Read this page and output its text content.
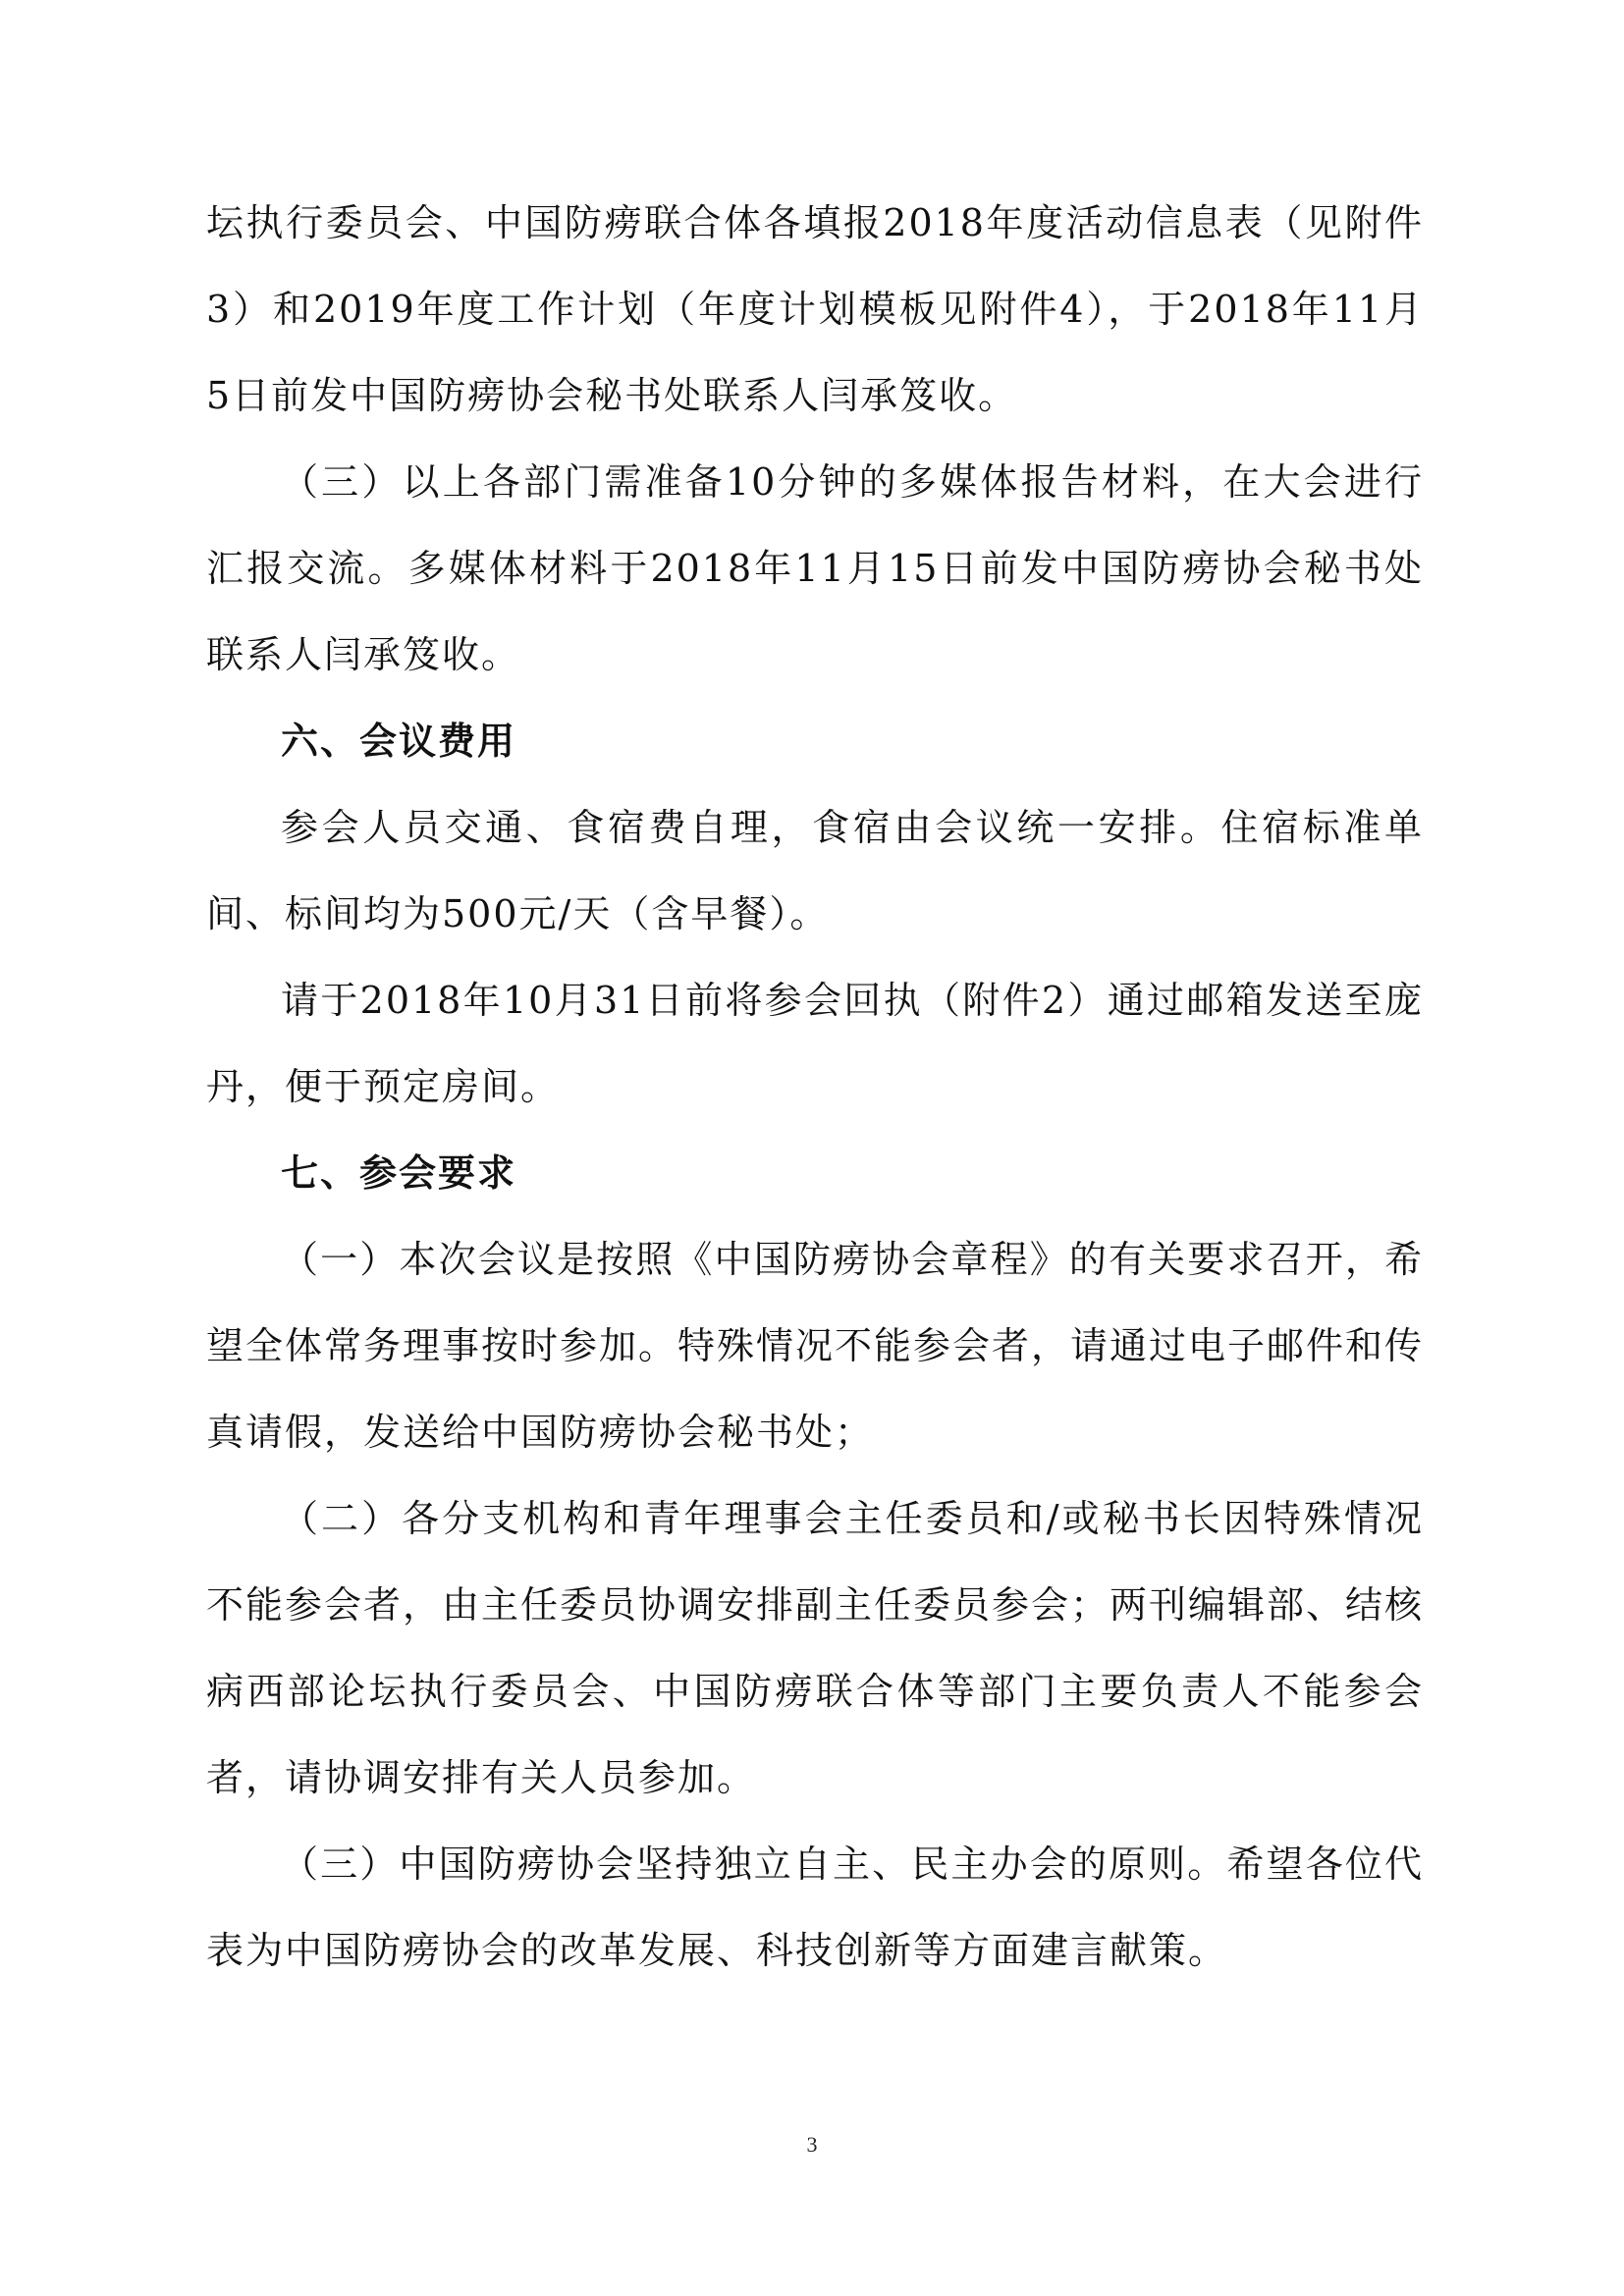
坛执行委员会、中国防痨联合体各填报2018年度活动信息表（见附件3）和2019年度工作计划（年度计划模板见附件4），于2018年11月5日前发中国防痨协会秘书处联系人闫承笈收。

（三）以上各部门需准备10分钟的多媒体报告材料，在大会进行汇报交流。多媒体材料于2018年11月15日前发中国防痨协会秘书处联系人闫承笈收。

六、会议费用

参会人员交通、食宿费自理，食宿由会议统一安排。住宿标准单间、标间均为500元/天（含早餐）。

请于2018年10月31日前将参会回执（附件2）通过邮箱发送至庞丹，便于预定房间。

七、参会要求

（一）本次会议是按照《中国防痨协会章程》的有关要求召开，希望全体常务理事按时参加。特殊情况不能参会者，请通过电子邮件和传真请假，发送给中国防痨协会秘书处；

（二）各分支机构和青年理事会主任委员和/或秘书长因特殊情况不能参会者，由主任委员协调安排副主任委员参会；两刊编辑部、结核病西部论坛执行委员会、中国防痨联合体等部门主要负责人不能参会者，请协调安排有关人员参加。

（三）中国防痨协会坚持独立自主、民主办会的原则。希望各位代表为中国防痨协会的改革发展、科技创新等方面建言献策。

3
